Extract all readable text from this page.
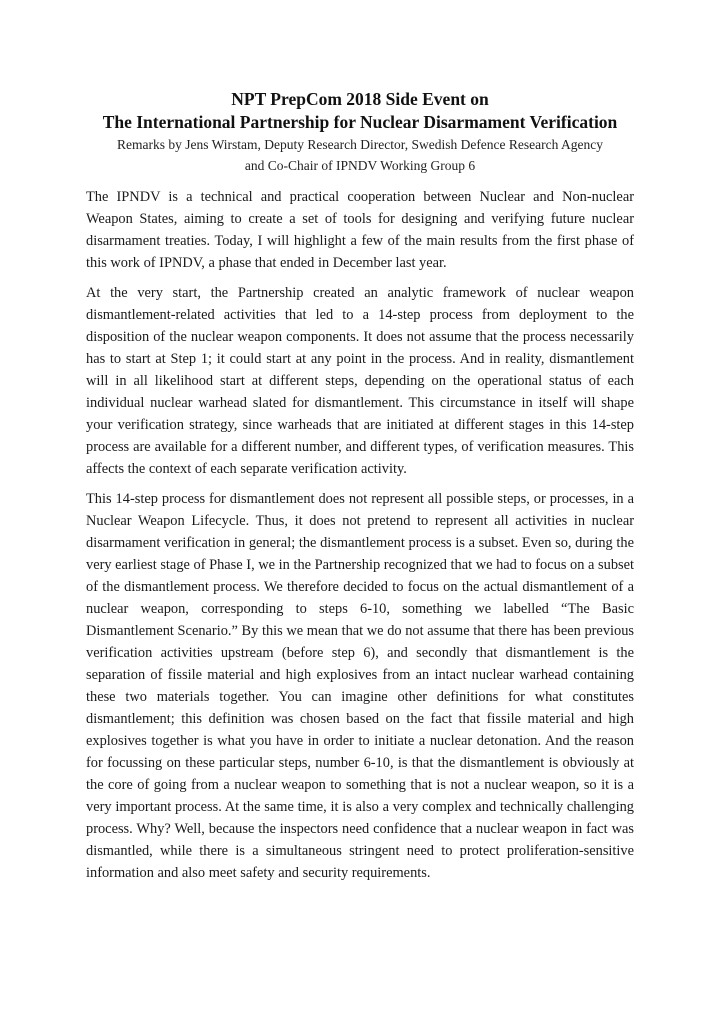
NPT PrepCom 2018 Side Event on
The International Partnership for Nuclear Disarmament Verification
Remarks by Jens Wirstam, Deputy Research Director, Swedish Defence Research Agency
and Co-Chair of IPNDV Working Group 6

The IPNDV is a technical and practical cooperation between Nuclear and Non-nuclear Weapon States, aiming to create a set of tools for designing and verifying future nuclear disarmament treaties. Today, I will highlight a few of the main results from the first phase of this work of IPNDV, a phase that ended in December last year.

At the very start, the Partnership created an analytic framework of nuclear weapon dismantlement-related activities that led to a 14-step process from deployment to the disposition of the nuclear weapon components. It does not assume that the process necessarily has to start at Step 1; it could start at any point in the process. And in reality, dismantlement will in all likelihood start at different steps, depending on the operational status of each individual nuclear warhead slated for dismantlement. This circumstance in itself will shape your verification strategy, since warheads that are initiated at different stages in this 14-step process are available for a different number, and different types, of verification measures. This affects the context of each separate verification activity.

This 14-step process for dismantlement does not represent all possible steps, or processes, in a Nuclear Weapon Lifecycle. Thus, it does not pretend to represent all activities in nuclear disarmament verification in general; the dismantlement process is a subset. Even so, during the very earliest stage of Phase I, we in the Partnership recognized that we had to focus on a subset of the dismantlement process. We therefore decided to focus on the actual dismantlement of a nuclear weapon, corresponding to steps 6-10, something we labelled “The Basic Dismantlement Scenario.” By this we mean that we do not assume that there has been previous verification activities upstream (before step 6), and secondly that dismantlement is the separation of fissile material and high explosives from an intact nuclear warhead containing these two materials together. You can imagine other definitions for what constitutes dismantlement; this definition was chosen based on the fact that fissile material and high explosives together is what you have in order to initiate a nuclear detonation. And the reason for focussing on these particular steps, number 6-10, is that the dismantlement is obviously at the core of going from a nuclear weapon to something that is not a nuclear weapon, so it is a very important process. At the same time, it is also a very complex and technically challenging process. Why? Well, because the inspectors need confidence that a nuclear weapon in fact was dismantled, while there is a simultaneous stringent need to protect proliferation-sensitive information and also meet safety and security requirements.
